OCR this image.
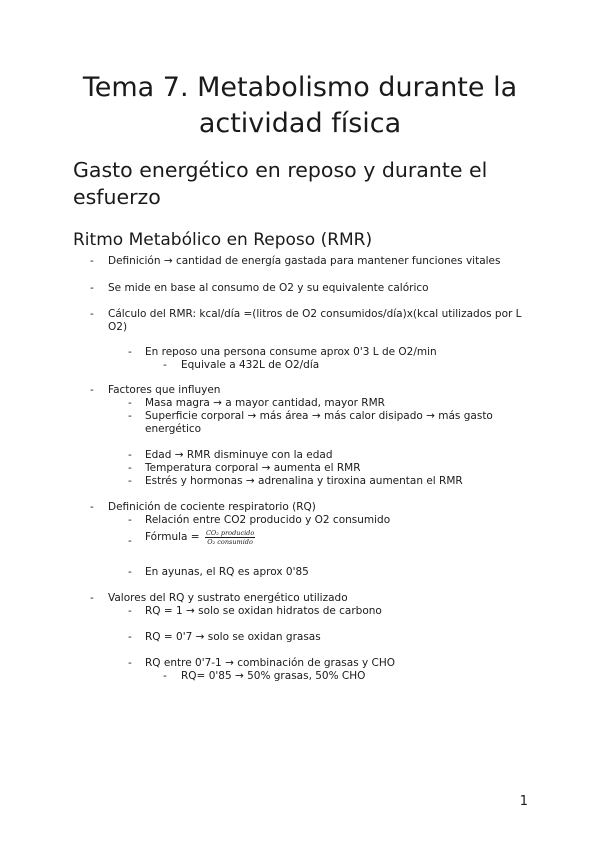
Tema 7. Metabolismo durante la actividad física
Gasto energético en reposo y durante el esfuerzo
Ritmo Metabólico en Reposo (RMR)
- Definición → cantidad de energía gastada para mantener funciones vitales
- Se mide en base al consumo de O2 y su equivalente calórico
- Cálculo del RMR: kcal/día =(litros de O2 consumidos/día)x(kcal utilizados por L O2)
- En reposo una persona consume aprox 0'3 L de O2/min
- Equivale a 432L de O2/día
- Factores que influyen
- Masa magra → a mayor cantidad, mayor RMR
- Superficie corporal → más área → más calor disipado → más gasto energético
- Edad → RMR disminuye con la edad
- Temperatura corporal → aumenta el RMR
- Estrés y hormonas → adrenalina y tiroxina aumentan el RMR
- Definición de cociente respiratorio (RQ)
- Relación entre CO2 producido y O2 consumido
- Fórmula = $\frac{\text{CO₂ producido}}{\text{O₂ consumido}}$
- En ayunas, el RQ es aprox 0'85
- Valores del RQ y sustrato energético utilizado
- RQ = 1 → solo se oxidan hidratos de carbono
- RQ = 0'7 → solo se oxidan grasas
- RQ entre 0'7-1 → combinación de grasas y CHO
- RQ= 0'85 → 50% grasas, 50% CHO
1
